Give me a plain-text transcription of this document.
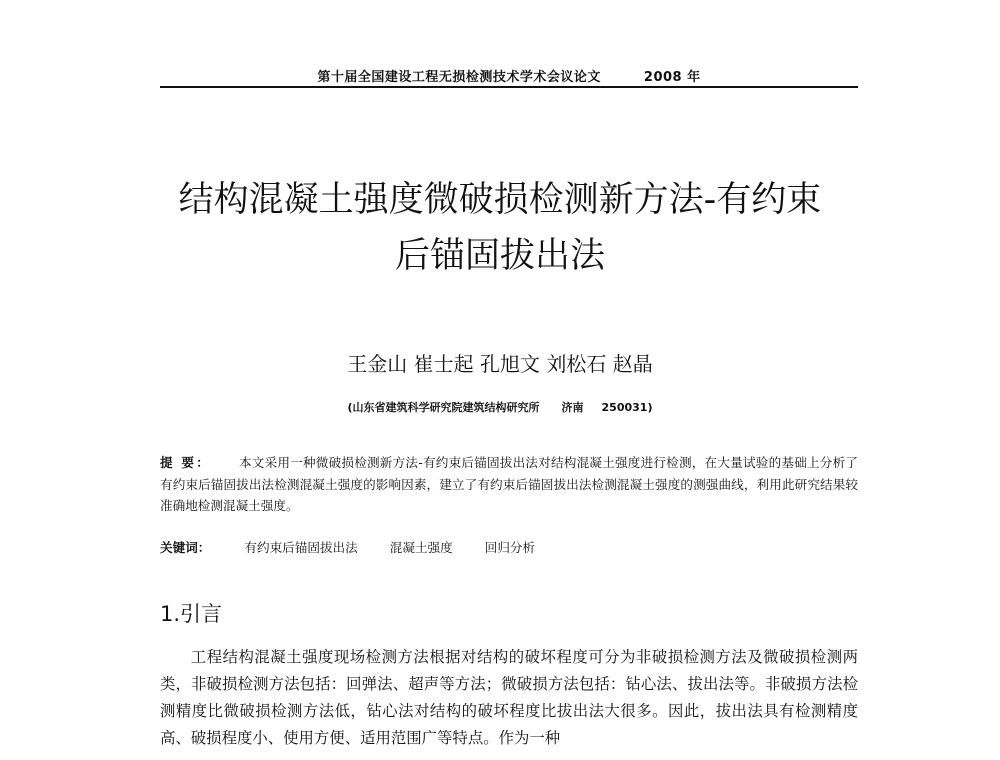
第十届全国建设工程无损检测技术学术会议论文	2008 年
结构混凝土强度微破损检测新方法-有约束
后锚固拔出法
王金山 崔士起 孔旭文 刘松石 赵晶
(山东省建筑科学研究院建筑结构研究所 济南 250031)
提 要： 本文采用一种微破损检测新方法-有约束后锚固拔出法对结构混凝土强度进行检测，在大量试验的基础上分析了有约束后锚固拔出法检测混凝土强度的影响因素，建立了有约束后锚固拔出法检测混凝土强度的测强曲线，利用此研究结果较准确地检测混凝土强度。
关键词：	有约束后锚固拔出法	混凝土强度	回归分析
1.引言
工程结构混凝土强度现场检测方法根据对结构的破坏程度可分为非破损检测方法及微破损检测两类，非破损检测方法包括：回弹法、超声等方法；微破损方法包括：钻心法、拔出法等。非破损方法检测精度比微破损检测方法低，钻心法对结构的破坏程度比拔出法大很多。因此，拔出法具有检测精度高、破损程度小、使用方便、适用范围广等特点。作为一种
